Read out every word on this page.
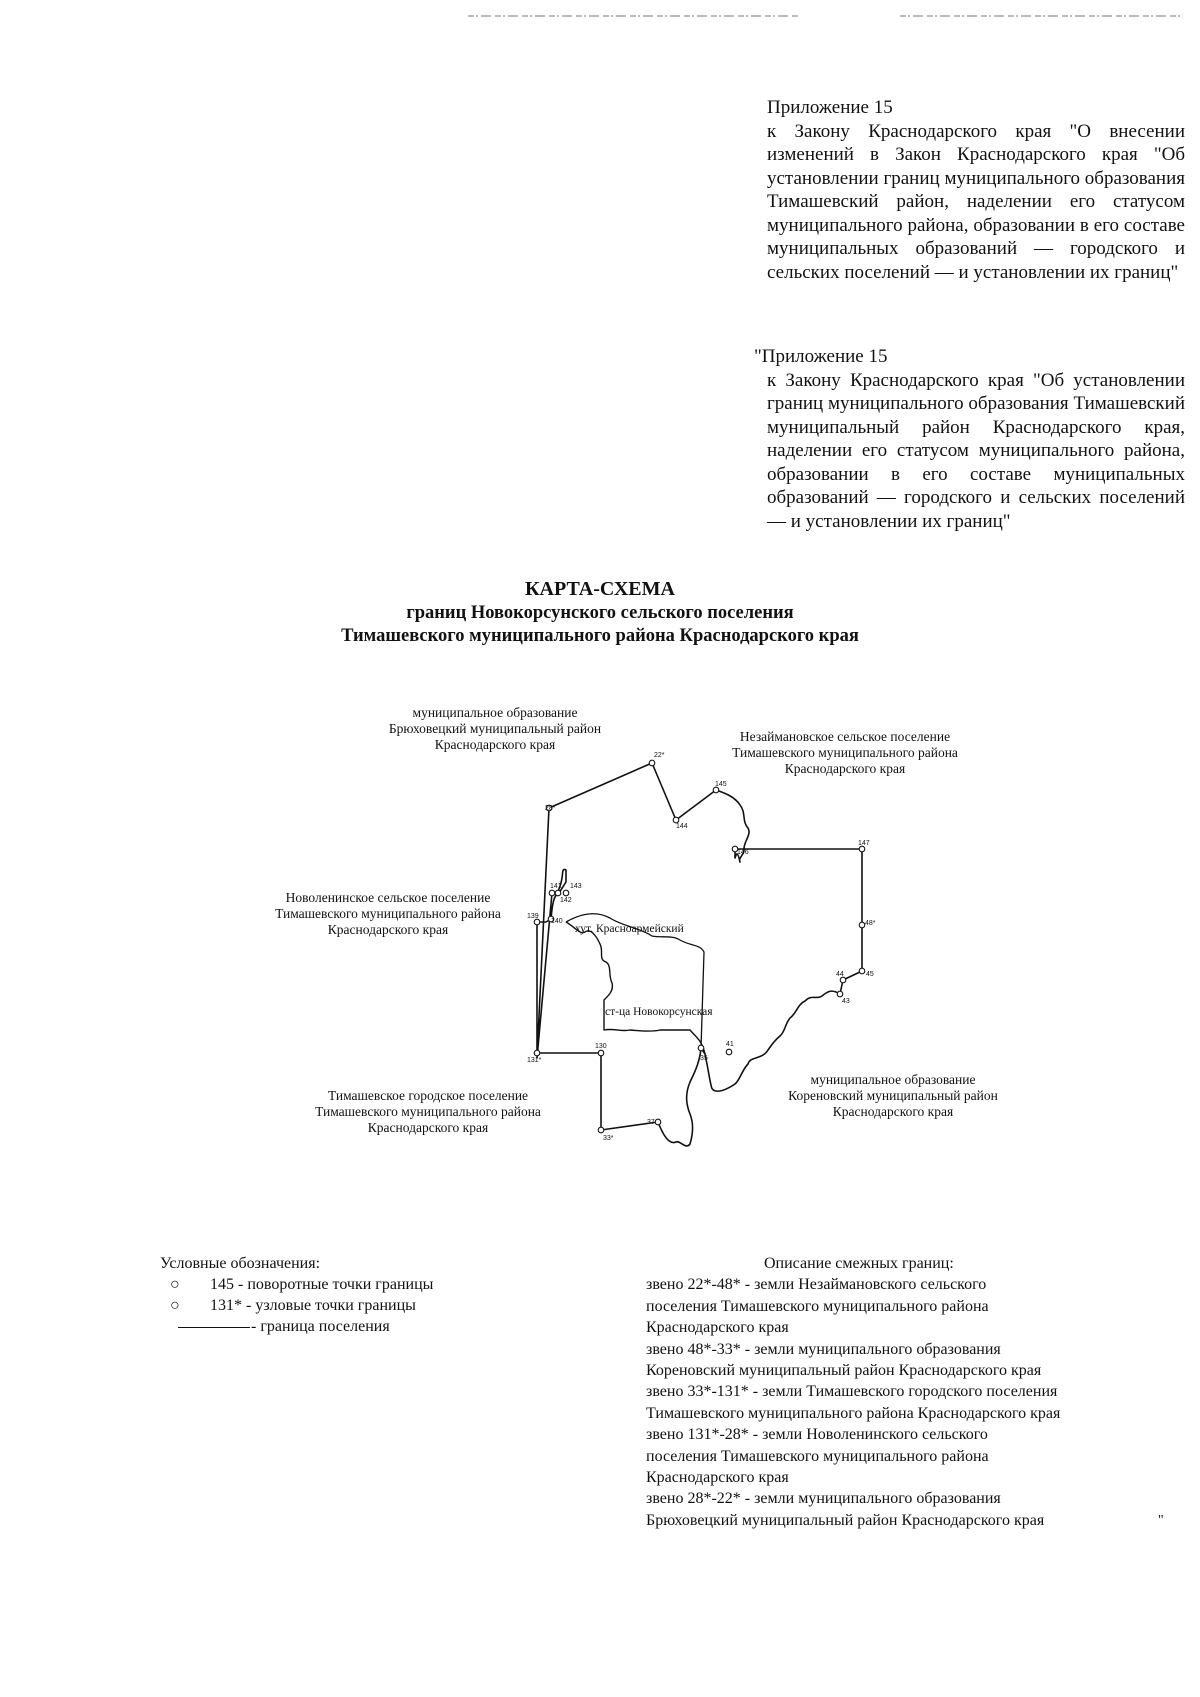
Приложение 15
к Закону Краснодарского края "О внесении изменений в Закон Краснодарского края "Об установлении границ муниципального образования Тимашевский район, наделении его статусом муниципального района, образовании в его составе муниципальных образований — городского и сельских поселений — и установлении их границ"
"Приложение 15
к Закону Краснодарского края "Об установлении границ муниципального образования Тимашевский муниципальный район Краснодарского края, наделении его статусом муниципального района, образовании в его составе муниципальных образований — городского и сельских поселений — и установлении их границ"
КАРТА-СХЕМА
границ Новокорсунского сельского поселения
Тимашевского муниципального района Краснодарского края
22*
28*
144
145
146
147
48*
44	45
43
41
35
130
131*
139
140
141
142
143
37
33*
хут. Красноармейский
ст-ца Новокорсунская
муниципальное образование
Брюховецкий муниципальный район
Краснодарского края
Незаймановское сельское поселение
Тимашевского муниципального района
Краснодарского края
Новоленинское сельское поселение
Тимашевского муниципального района
Краснодарского края
Тимашевское городское поселение
Тимашевского муниципального района
Краснодарского края
муниципальное образование
Кореновский муниципальный район
Краснодарского края
Условные обозначения:
○ 145 - поворотные точки границы
○ 131* - узловые точки границы
- граница поселения

Описание смежных границ:

звено 22*-48* - земли Незаймановского сельского

поселения Тимашевского муниципального района

Краснодарского края

звено 48*-33* - земли муниципального образования

Кореновский муниципальный район Краснодарского края

звено 33*-131* - земли Тимашевского городского поселения

Тимашевского муниципального района Краснодарского края

звено 131*-28* - земли Новоленинского сельского

поселения Тимашевского муниципального района

Краснодарского края

звено 28*-22* - земли муниципального образования

Брюховецкий муниципальный район Краснодарского края	"
